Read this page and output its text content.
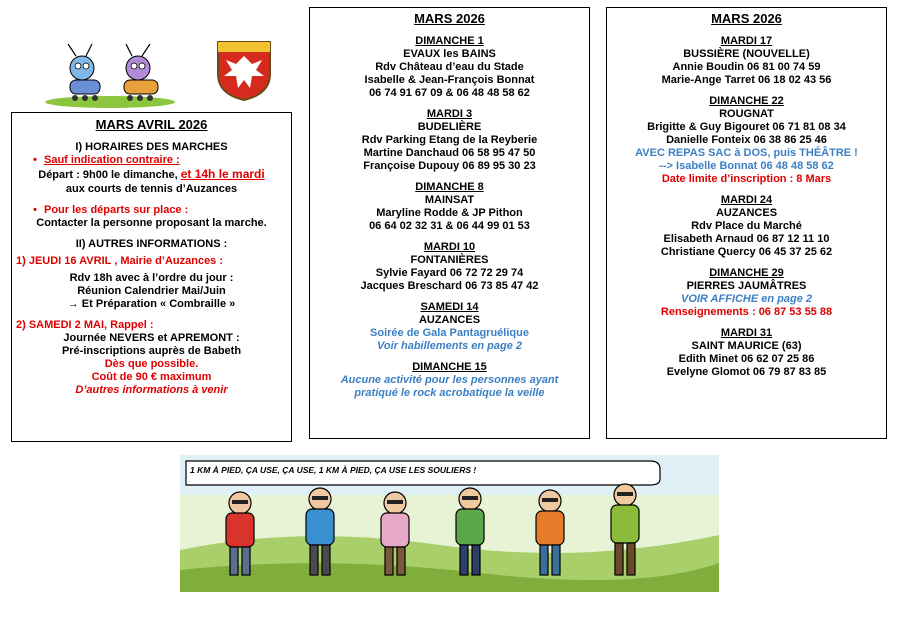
MARS AVRIL 2026
I) HORAIRES DES MARCHES
• Sauf indication contraire :
Départ : 9h00 le dimanche, et 14h le mardi
aux courts de tennis d’Auzances
• Pour les départs sur place :
Contacter la personne proposant la marche.
II) AUTRES INFORMATIONS :
1) JEUDI 16 AVRIL , Mairie d’Auzances :
Rdv 18h avec à l’ordre du jour :
Réunion Calendrier Mai/Juin
→ Et Préparation « Combraille »
2) SAMEDI 2 MAI, Rappel :
Journée NEVERS et APREMONT :
Pré-inscriptions auprès de Babeth
Dès que possible.
Coût de 90 € maximum
D’autres informations à venir
MARS 2026
DIMANCHE 1
EVAUX les BAINS
Rdv Château d’eau du Stade
Isabelle & Jean-François Bonnat
06 74 91 67 09 & 06 48 48 58 62
MARDI 3
BUDELIÈRE
Rdv Parking Etang de la Reyberie
Martine Danchaud 06 58 95 47 50
Françoise Dupouy 06 89 95 30 23
DIMANCHE 8
MAINSAT
Maryline Rodde & JP Pithon
06 64 02 32 31 & 06 44 99 01 53
MARDI 10
FONTANIÈRES
Sylvie Fayard 06 72 72 29 74
Jacques Breschard 06 73 85 47 42
SAMEDI 14
AUZANCES
Soirée de Gala Pantagruélique
Voir habillements en page 2
DIMANCHE 15
Aucune activité pour les personnes ayant
pratiqué le rock acrobatique la veille
MARS 2026
MARDI 17
BUSSIÈRE (NOUVELLE)
Annie Boudin 06 81 00 74 59
Marie-Ange Tarret 06 18 02 43 56
DIMANCHE 22
ROUGNAT
Brigitte & Guy Bigouret 06 71 81 08 34
Danielle Fonteix 06 38 86 25 46
AVEC REPAS SAC à DOS, puis THÉÂTRE !
--> Isabelle Bonnat 06 48 48 58 62
Date limite d’inscription : 8 Mars
MARDI 24
AUZANCES
Rdv Place du Marché
Elisabeth Arnaud 06 87 12 11 10
Christiane Quercy 06 45 37 25 62
DIMANCHE 29
PIERRES JAUMÂTRES
VOIR AFFICHE en page 2
Renseignements : 06 87 53 55 88
MARDI 31
SAINT MAURICE (63)
Edith Minet 06 62 07 25 86
Evelyne Glomot 06 79 87 83 85
1 KM À PIED, ÇA USE, ÇA USE, 1 KM À PIED, ÇA USE LES SOULIERS !
